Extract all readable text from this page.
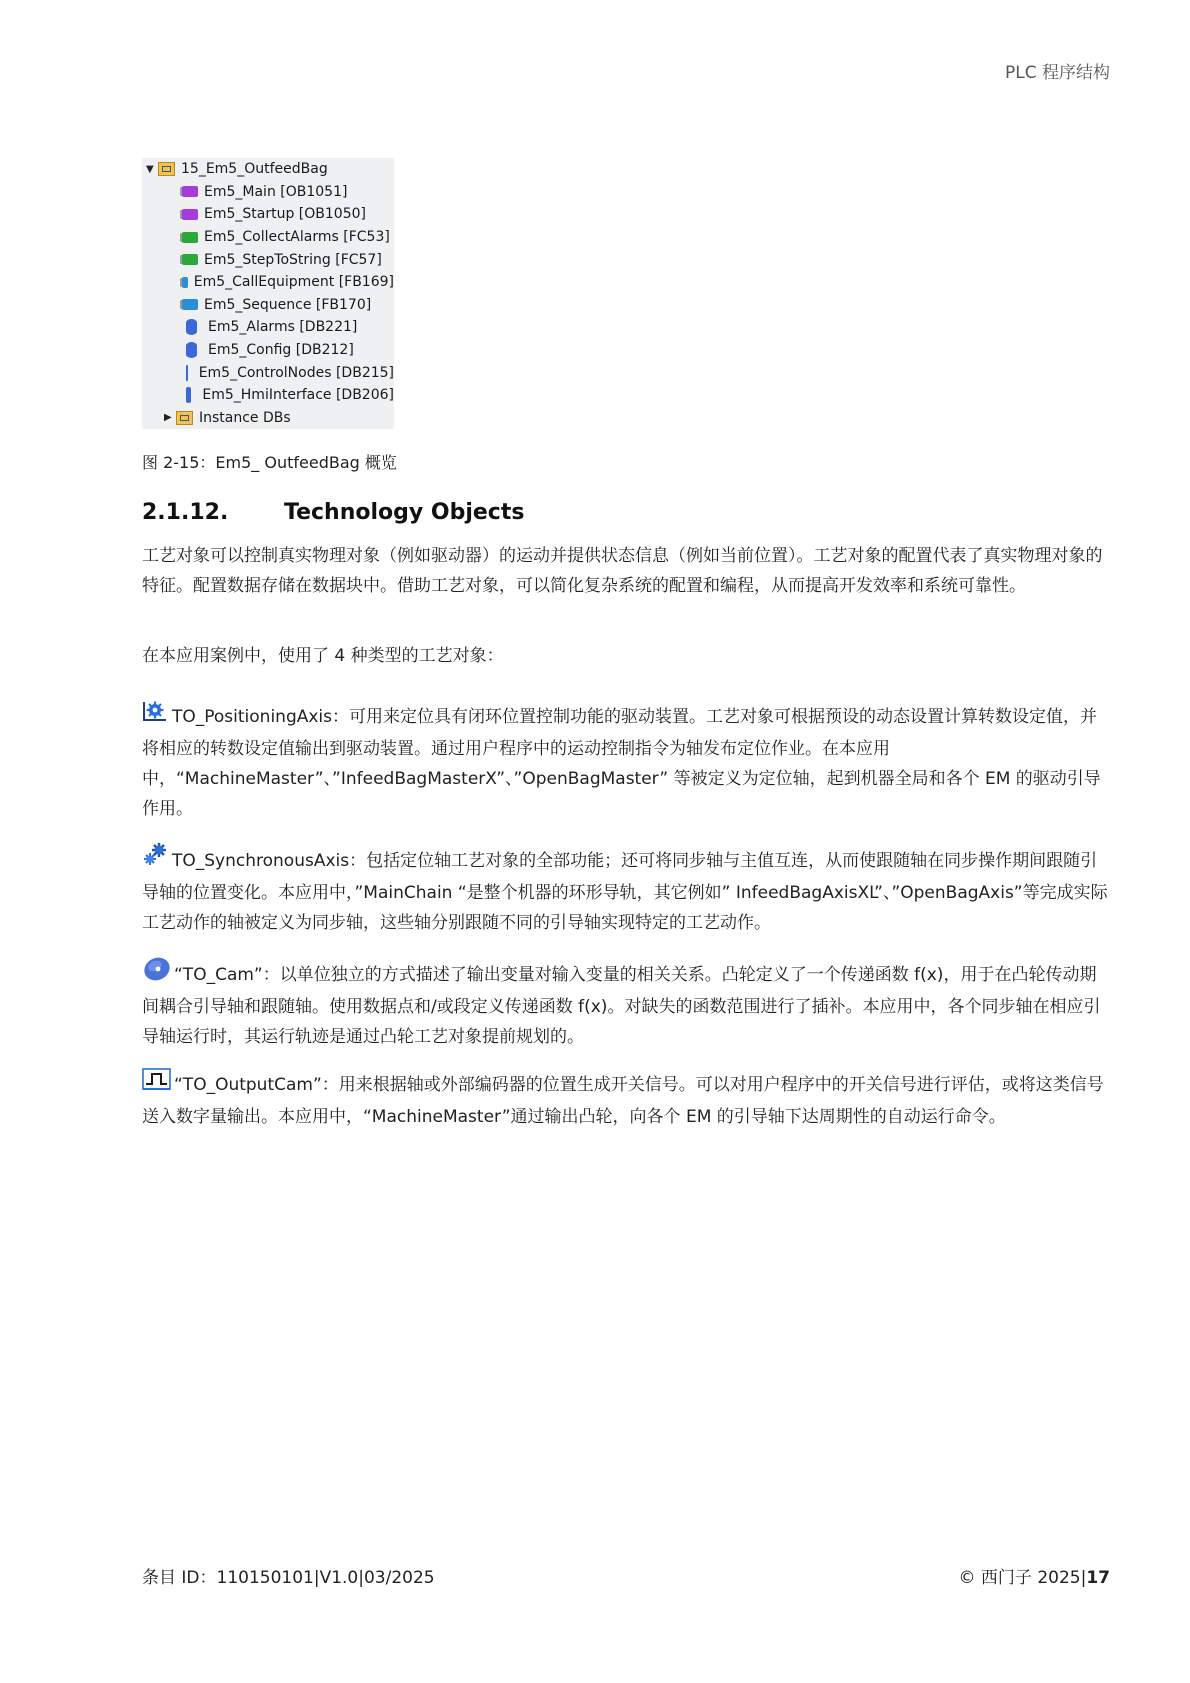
PLC 程序结构
▼	15_Em5_OutfeedBag
Em5_Main [OB1051]
Em5_Startup [OB1050]
Em5_CollectAlarms [FC53]
Em5_StepToString [FC57]
Em5_CallEquipment [FB169]
Em5_Sequence [FB170]
Em5_Alarms [DB221]
Em5_Config [DB212]
Em5_ControlNodes [DB215]
Em5_HmiInterface [DB206]
▶	Instance DBs
图 2-15：Em5_ OutfeedBag 概览
2.1.12.	Technology Objects
工艺对象可以控制真实物理对象（例如驱动器）的运动并提供状态信息（例如当前位置）。工艺对象的配置代表了真实物理对象的特征。配置数据存储在数据块中。借助工艺对象，可以简化复杂系统的配置和编程，从而提高开发效率和系统可靠性。
在本应用案例中，使用了 4 种类型的工艺对象：
TO_PositioningAxis：可用来定位具有闭环位置控制功能的驱动装置。工艺对象可根据预设的动态设置计算转数设定值，并将相应的转数设定值输出到驱动装置。通过用户程序中的运动控制指令为轴发布定位作业。在本应用中，“MachineMaster”、”InfeedBagMasterX”、”OpenBagMaster” 等被定义为定位轴，起到机器全局和各个 EM 的驱动引导作用。
TO_SynchronousAxis：包括定位轴工艺对象的全部功能；还可将同步轴与主值互连，从而使跟随轴在同步操作期间跟随引导轴的位置变化。本应用中，”MainChain “是整个机器的环形导轨，其它例如” InfeedBagAxisXL”、”OpenBagAxis”等完成实际工艺动作的轴被定义为同步轴，这些轴分别跟随不同的引导轴实现特定的工艺动作。
“TO_Cam”：以单位独立的方式描述了输出变量对输入变量的相关关系。凸轮定义了一个传递函数 f(x)，用于在凸轮传动期间耦合引导轴和跟随轴。使用数据点和/或段定义传递函数 f(x)。对缺失的函数范围进行了插补。本应用中，各个同步轴在相应引导轴运行时，其运行轨迹是通过凸轮工艺对象提前规划的。
“TO_OutputCam”：用来根据轴或外部编码器的位置生成开关信号。可以对用户程序中的开关信号进行评估，或将这类信号送入数字量输出。本应用中，“MachineMaster”通过输出凸轮，向各个 EM 的引导轴下达周期性的自动运行命令。
条目 ID：110150101|V1.0|03/2025	© 西门子 2025|17
